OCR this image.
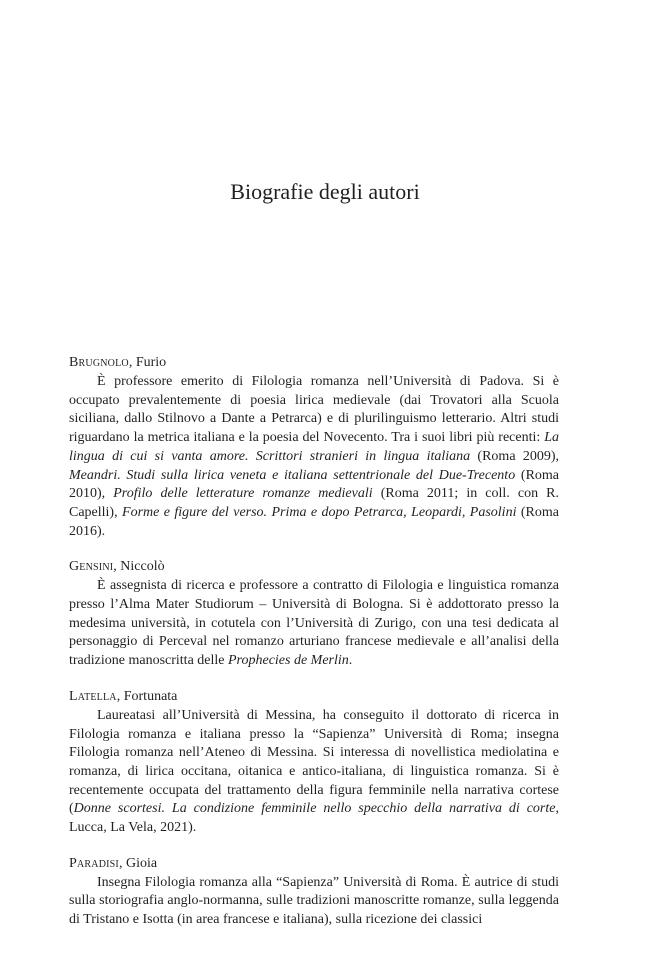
Biografie degli autori

Brugnolo, Furio

È professore emerito di Filologia romanza nell’Università di Padova. Si è occupato prevalentemente di poesia lirica medievale (dai Trovatori alla Scuola siciliana, dallo Stilnovo a Dante a Petrarca) e di plurilinguismo letterario. Altri studi riguardano la metrica italiana e la poesia del Novecento. Tra i suoi libri più recenti: La lingua di cui si vanta amore. Scrittori stranieri in lingua italiana (Roma 2009), Meandri. Studi sulla lirica veneta e italiana settentrionale del Due-Trecento (Roma 2010), Profilo delle letterature romanze medievali (Roma 2011; in coll. con R. Capelli), Forme e figure del verso. Prima e dopo Petrarca, Leopardi, Pasolini (Roma 2016).

Gensini, Niccolò

È assegnista di ricerca e professore a contratto di Filologia e linguistica romanza presso l’Alma Mater Studiorum – Università di Bologna. Si è addottorato presso la medesima università, in cotutela con l’Università di Zurigo, con una tesi dedicata al personaggio di Perceval nel romanzo arturiano francese medievale e all’analisi della tradizione manoscritta delle Prophecies de Merlin.

Latella, Fortunata

Laureatasi all’Università di Messina, ha conseguito il dottorato di ricerca in Filologia romanza e italiana presso la “Sapienza” Università di Roma; insegna Filologia romanza nell’Ateneo di Messina. Si interessa di novellistica mediolatina e romanza, di lirica occitana, oitanica e antico-italiana, di linguistica romanza. Si è recentemente occupata del trattamento della figura femminile nella narrativa cortese (Donne scortesi. La condizione femminile nello specchio della narrativa di corte, Lucca, La Vela, 2021).

Paradisi, Gioia

Insegna Filologia romanza alla “Sapienza” Università di Roma. È autrice di studi sulla storiografia anglo-normanna, sulle tradizioni manoscritte romanze, sulla leggenda di Tristano e Isotta (in area francese e italiana), sulla ricezione dei classici
